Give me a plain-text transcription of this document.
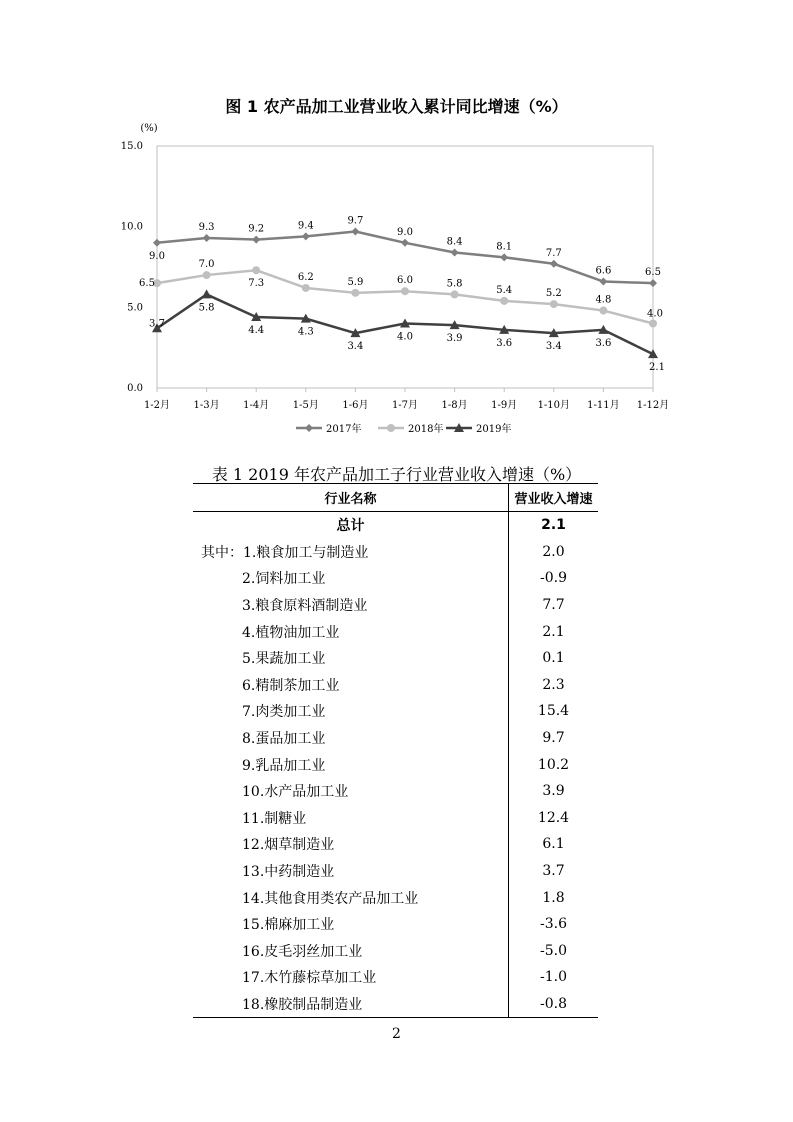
图 1 农产品加工业营业收入累计同比增速（%）
(%)
0.0
5.0
10.0
15.0
1-2月 1-3月 1-4月 1-5月 1-6月 1-7月 1-8月 1-9月 1-10月 1-11月 1-12月
9.0
9.3	9.2	9.4	9.7
9.0
8.4	8.1
7.7
6.6	6.5
6.5
7.0
7.3
6.2	5.9	6.0	5.8
5.4	5.2
4.8
4.0
3.7
5.8
4.4	4.3
3.4
4.0	3.9	3.6	3.4	3.6
2.1
2017年	2018年	2019年
表 1 2019 年农产品加工子行业营业收入增速（%）
行业名称	营业收入增速
总计	2.1
其中：1.粮食加工与制造业	2.0
2.饲料加工业	-0.9
3.粮食原料酒制造业	7.7
4.植物油加工业	2.1
5.果蔬加工业	0.1
6.精制茶加工业	2.3
7.肉类加工业	15.4
8.蛋品加工业	9.7
9.乳品加工业	10.2
10.水产品加工业	3.9
11.制糖业	12.4
12.烟草制造业	6.1
13.中药制造业	3.7
14.其他食用类农产品加工业	1.8
15.棉麻加工业	-3.6
16.皮毛羽丝加工业	-5.0
17.木竹藤棕草加工业	-1.0
18.橡胶制品制造业	-0.8
2
